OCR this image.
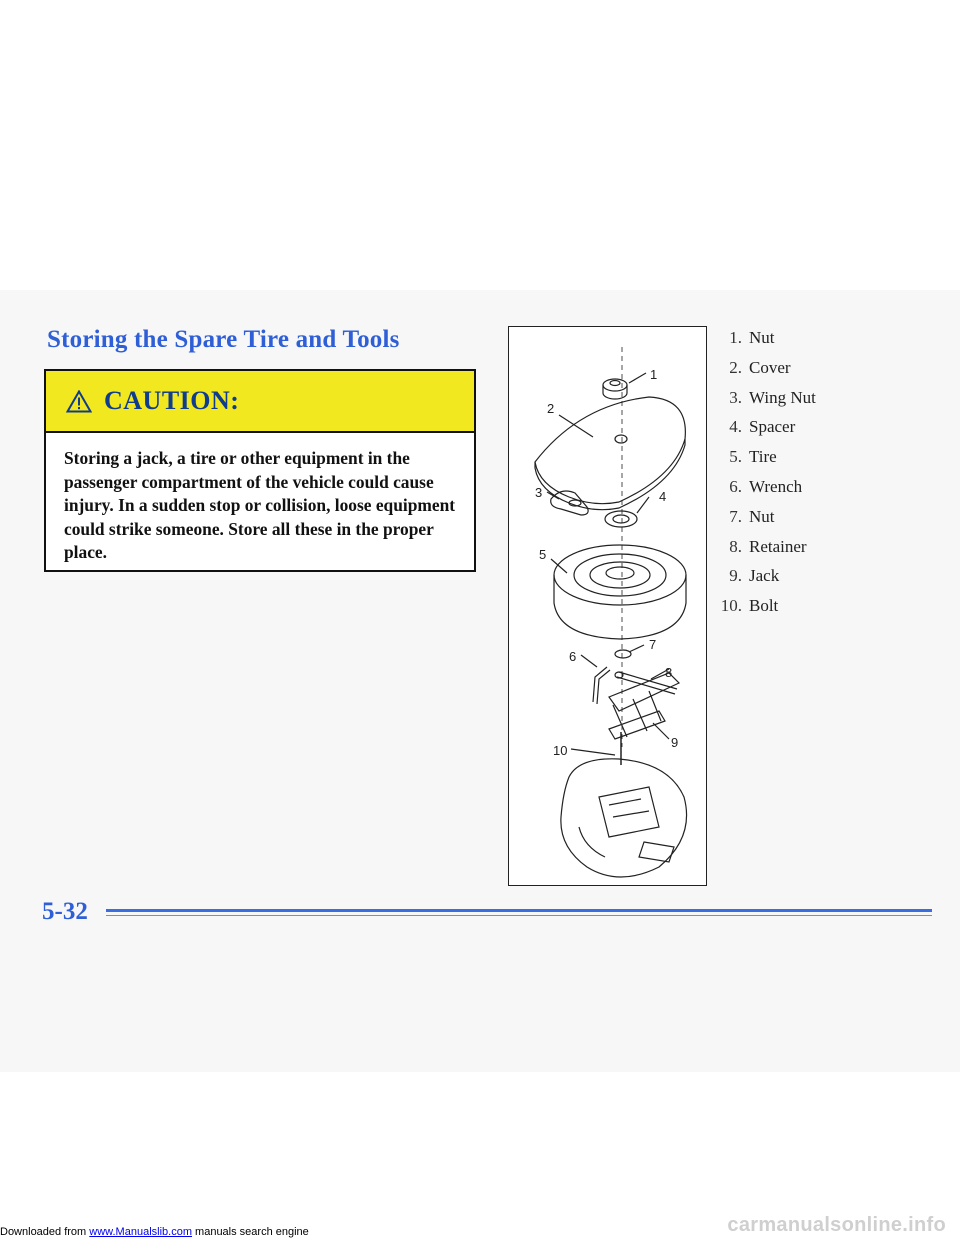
Storing the Spare Tire and Tools
CAUTION:

Storing a jack, a tire or other equipment in the passenger compartment of the vehicle could cause injury. In a sudden stop or collision, loose equipment could strike someone. Store all these in the proper place.

1
2
3	4
5
6
7
8
9
10
1. Nut
2. Cover
3. Wing Nut
4. Spacer
5. Tire
6. Wrench
7. Nut
8. Retainer
9. Jack
10. Bolt
5-32
Downloaded from www.Manualslib.com manuals search engine	carmanualsonline.info
